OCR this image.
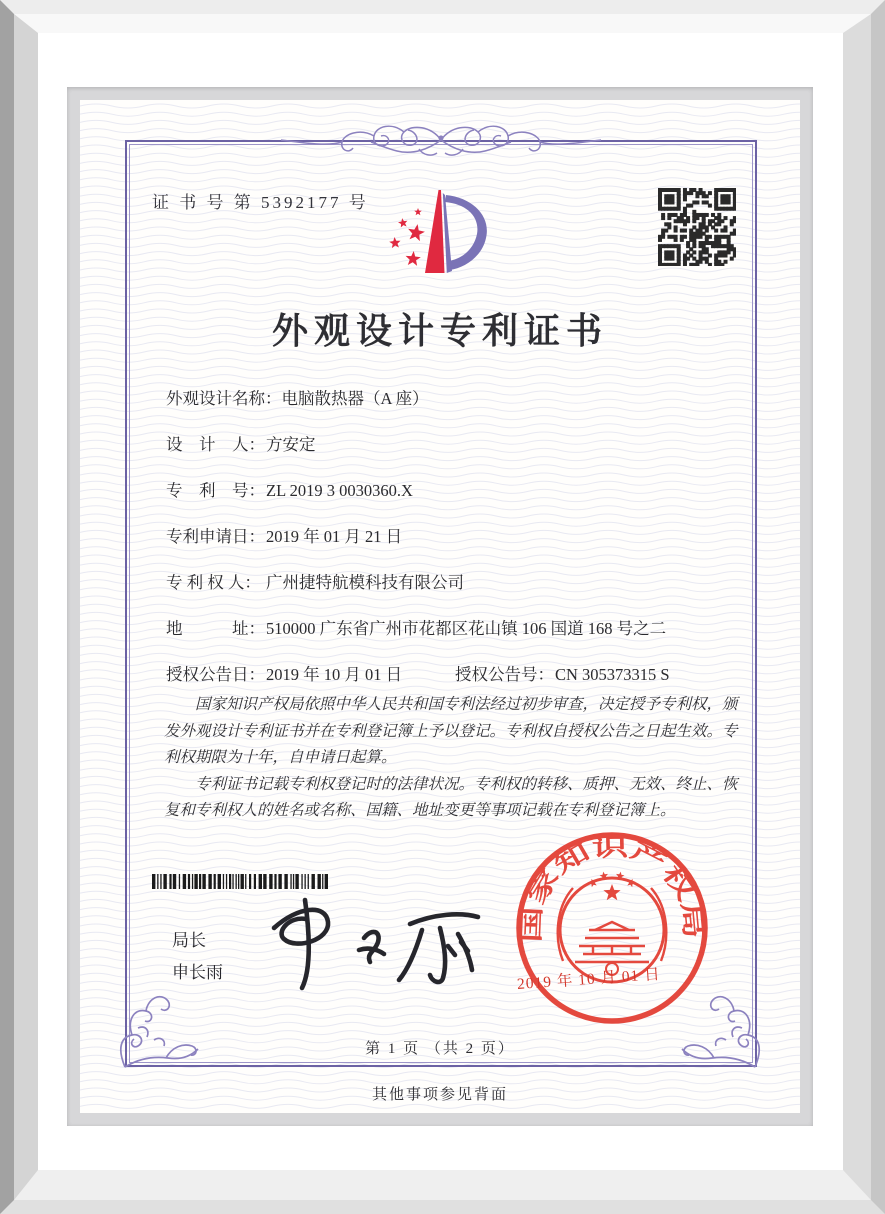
证 书 号 第 5392177 号
外观设计专利证书
外观设计名称：电脑散热器（A 座）
设　计　人：方安定
专　利　号：ZL 2019 3 0030360.X
专利申请日：2019 年 01 月 21 日
专 利 权 人： 广州捷特航模科技有限公司
地　　　址：510000 广东省广州市花都区花山镇 106 国道 168 号之二
授权公告日：2019 年 10 月 01 日	授权公告号：CN 305373315 S

国家知识产权局依照中华人民共和国专利法经过初步审查，决定授予专利权，颁发外观设计专利证书并在专利登记簿上予以登记。专利权自授权公告之日起生效。专利权期限为十年，自申请日起算。

专利证书记载专利权登记时的法律状况。专利权的转移、质押、无效、终止、恢复和专利权人的姓名或名称、国籍、地址变更等事项记载在专利登记簿上。

局长
申长雨
国家知识产权局
2019 年 10 月 01 日
第 1 页 （共 2 页）
其他事项参见背面
